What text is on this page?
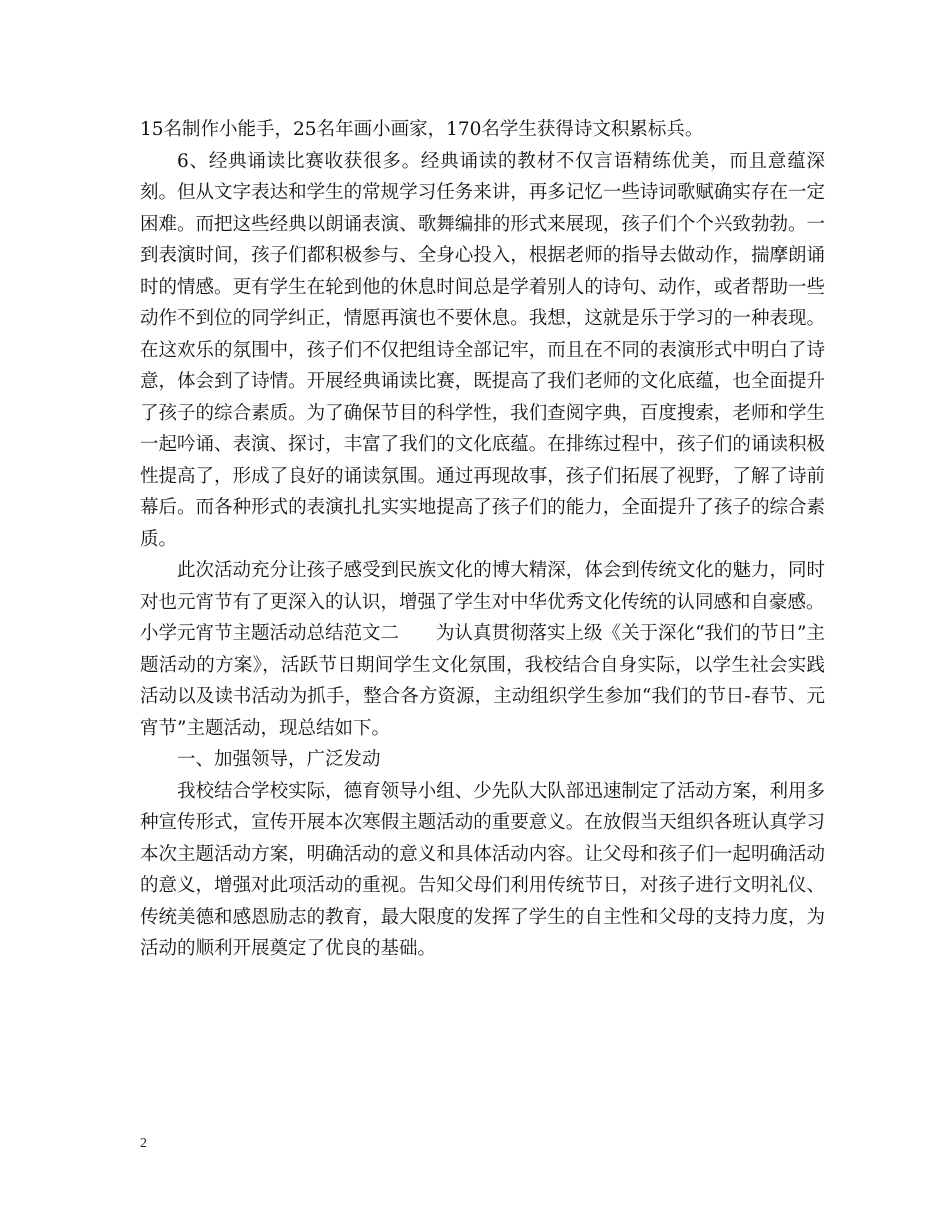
15名制作小能手，25名年画小画家，170名学生获得诗文积累标兵。

6、经典诵读比赛收获很多。经典诵读的教材不仅言语精练优美，而且意蕴深刻。但从文字表达和学生的常规学习任务来讲，再多记忆一些诗词歌赋确实存在一定困难。而把这些经典以朗诵表演、歌舞编排的形式来展现，孩子们个个兴致勃勃。一到表演时间，孩子们都积极参与、全身心投入，根据老师的指导去做动作，揣摩朗诵时的情感。更有学生在轮到他的休息时间总是学着别人的诗句、动作，或者帮助一些动作不到位的同学纠正，情愿再演也不要休息。我想，这就是乐于学习的一种表现。在这欢乐的氛围中，孩子们不仅把组诗全部记牢，而且在不同的表演形式中明白了诗意，体会到了诗情。开展经典诵读比赛，既提高了我们老师的文化底蕴，也全面提升了孩子的综合素质。为了确保节目的科学性，我们查阅字典，百度搜索，老师和学生一起吟诵、表演、探讨，丰富了我们的文化底蕴。在排练过程中，孩子们的诵读积极性提高了，形成了良好的诵读氛围。通过再现故事，孩子们拓展了视野，了解了诗前幕后。而各种形式的表演扎扎实实地提高了孩子们的能力，全面提升了孩子的综合素质。

此次活动充分让孩子感受到民族文化的博大精深，体会到传统文化的魅力，同时对也元宵节有了更深入的认识，增强了学生对中华优秀文化传统的认同感和自豪感。

小学元宵节主题活动总结范文二　　为认真贯彻落实上级《关于深化“我们的节日”主题活动的方案》，活跃节日期间学生文化氛围，我校结合自身实际，以学生社会实践活动以及读书活动为抓手，整合各方资源，主动组织学生参加“我们的节日-春节、元宵节”主题活动，现总结如下。

一、加强领导，广泛发动

我校结合学校实际，德育领导小组、少先队大队部迅速制定了活动方案，利用多种宣传形式，宣传开展本次寒假主题活动的重要意义。在放假当天组织各班认真学习本次主题活动方案，明确活动的意义和具体活动内容。让父母和孩子们一起明确活动的意义，增强对此项活动的重视。告知父母们利用传统节日，对孩子进行文明礼仪、传统美德和感恩励志的教育，最大限度的发挥了学生的自主性和父母的支持力度，为活动的顺利开展奠定了优良的基础。

2
